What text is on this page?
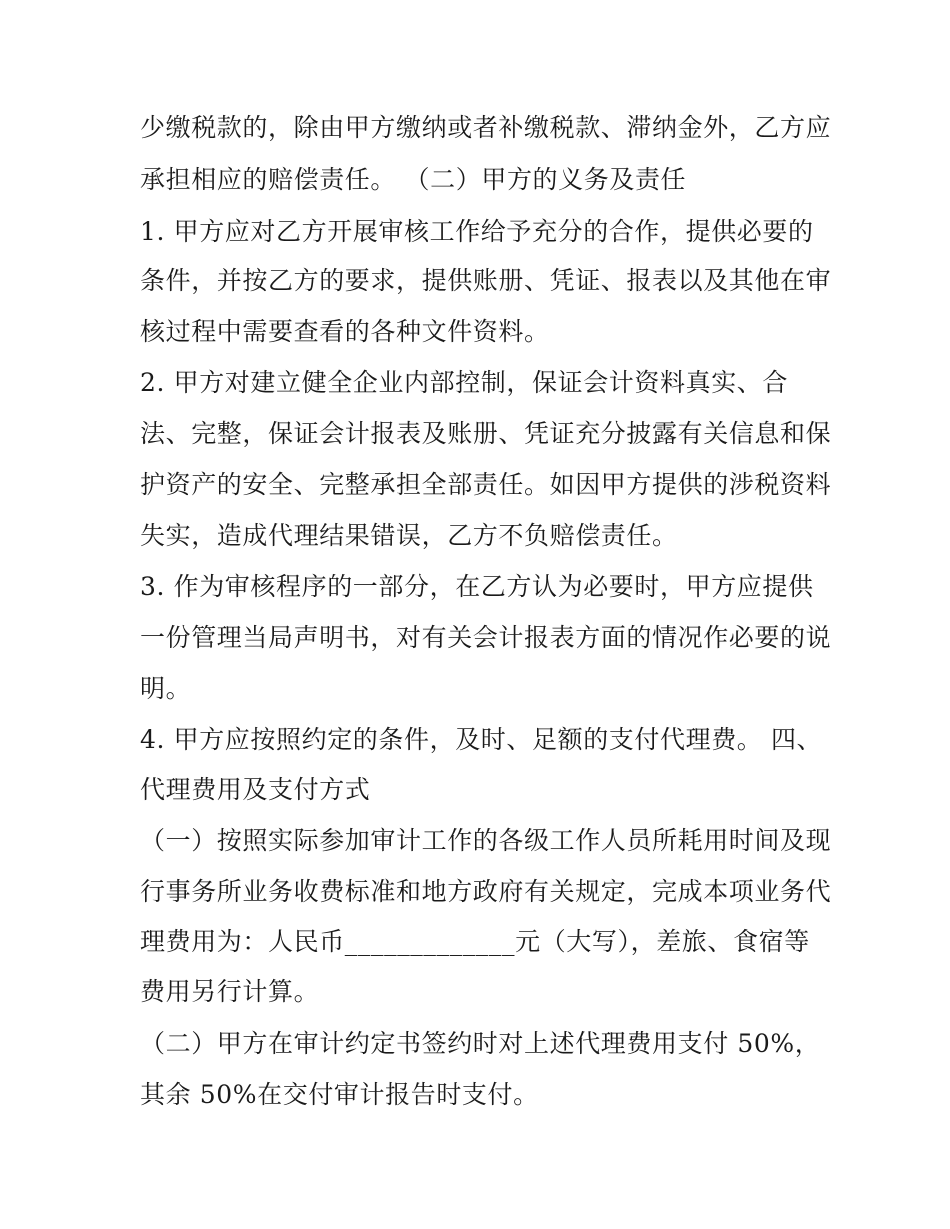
少缴税款的，除由甲方缴纳或者补缴税款、滞纳金外，乙方应
承担相应的赔偿责任。 （二）甲方的义务及责任
1. 甲方应对乙方开展审核工作给予充分的合作，提供必要的
条件，并按乙方的要求，提供账册、凭证、报表以及其他在审
核过程中需要查看的各种文件资料。
2. 甲方对建立健全企业内部控制，保证会计资料真实、合
法、完整，保证会计报表及账册、凭证充分披露有关信息和保
护资产的安全、完整承担全部责任。如因甲方提供的涉税资料
失实，造成代理结果错误，乙方不负赔偿责任。
3. 作为审核程序的一部分，在乙方认为必要时，甲方应提供
一份管理当局声明书，对有关会计报表方面的情况作必要的说
明。
4. 甲方应按照约定的条件，及时、足额的支付代理费。 四、
代理费用及支付方式
（一）按照实际参加审计工作的各级工作人员所耗用时间及现
行事务所业务收费标准和地方政府有关规定，完成本项业务代
理费用为：人民币_____________元（大写），差旅、食宿等
费用另行计算。
（二）甲方在审计约定书签约时对上述代理费用支付 50%，
其余 50%在交付审计报告时支付。
